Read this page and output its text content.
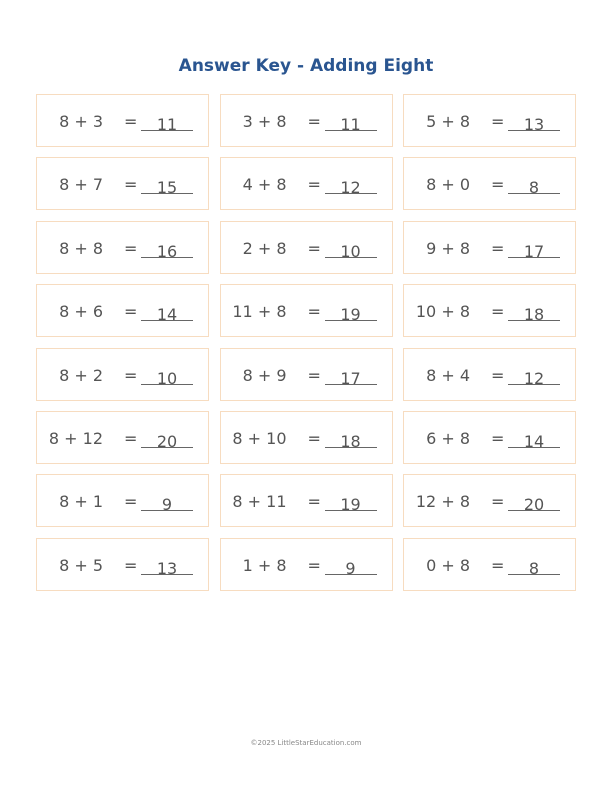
Answer Key - Adding Eight
8 + 3 =	11	3 + 8 =	11	5 + 8 =	13
8 + 7 =	15	4 + 8 =	12	8 + 0 =	8
8 + 8 =	16	2 + 8 =	10	9 + 8 =	17
8 + 6 =	14	11 + 8 =	19	10 + 8 =	18
8 + 2 =	10	8 + 9 =	17	8 + 4 =	12
8 + 12 =	20	8 + 10 =	18	6 + 8 =	14
8 + 1 =	9	8 + 11 =	19	12 + 8 =	20
8 + 5 =	13	1 + 8 =	9	0 + 8 =	8
©2025 LittleStarEducation.com
